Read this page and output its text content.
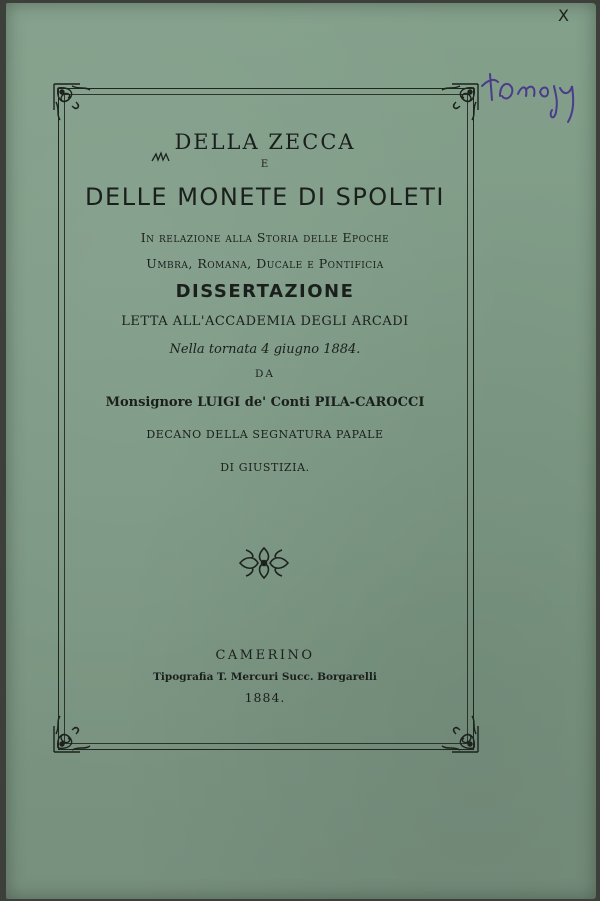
X
DELLA ZECCA
E
DELLE MONETE DI SPOLETI
In relazione alla Storia delle Epoche
Umbra, Romana, Ducale e Pontificia
DISSERTAZIONE
LETTA ALL'ACCADEMIA DEGLI ARCADI
Nella tornata 4 giugno 1884.
DA
Monsignore LUIGI de' Conti PILA-CAROCCI
DECANO DELLA SEGNATURA PAPALE
DI GIUSTIZIA.
CAMERINO
Tipografia T. Mercuri Succ. Borgarelli
1884.
